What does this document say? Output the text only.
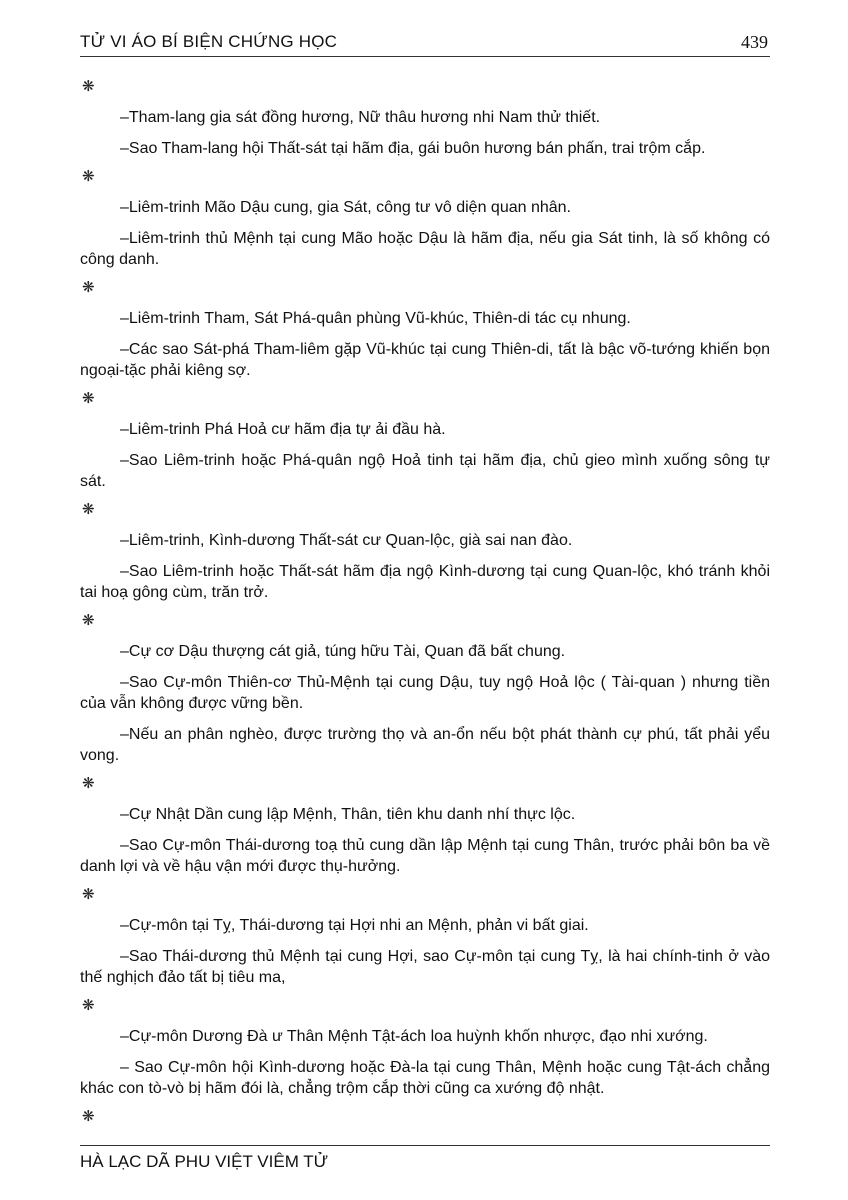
TỬ VI ÁO BÍ BIỆN CHỨNG HỌC	439
❋

–Tham-lang gia sát đồng hương, Nữ thâu hương nhi Nam thử thiết.

–Sao Tham-lang hội Thất-sát tại hãm địa, gái buôn hương bán phấn, trai trộm cắp.

❋

–Liêm-trinh Mão Dậu cung, gia Sát, công tư vô diện quan nhân.

–Liêm-trinh thủ Mệnh tại cung Mão hoặc Dậu là hãm địa, nếu gia Sát tinh, là số không có công danh.

❋

–Liêm-trinh Tham, Sát Phá-quân phùng Vũ-khúc, Thiên-di tác cụ nhung.

–Các sao Sát-phá Tham-liêm gặp Vũ-khúc tại cung Thiên-di, tất là bậc võ-tướng khiến bọn ngoại-tặc phải kiêng sợ.

❋

–Liêm-trinh Phá Hoả cư hãm địa tự ải đầu hà.

–Sao Liêm-trinh hoặc Phá-quân ngộ Hoả tinh tại hãm địa, chủ gieo mình xuống sông tự sát.

❋

–Liêm-trinh, Kình-dương Thất-sát cư Quan-lộc, già sai nan đào.

–Sao Liêm-trinh hoặc Thất-sát hãm địa ngộ Kình-dương tại cung Quan-lộc, khó tránh khỏi tai hoạ gông cùm, trăn trở.

❋

–Cự cơ Dậu thượng cát giả, túng hữu Tài, Quan đã bất chung.

–Sao Cự-môn Thiên-cơ Thủ-Mệnh tại cung Dậu, tuy ngộ Hoả lộc ( Tài-quan ) nhưng tiền của vẫn không được vững bền.

–Nếu an phân nghèo, được trường thọ và an-ổn nếu bột phát thành cự phú, tất phải yểu vong.

❋

–Cự Nhật Dần cung lập Mệnh, Thân, tiên khu danh nhí thực lộc.

–Sao Cự-môn Thái-dương toạ thủ cung dần lập Mệnh tại cung Thân, trước phải bôn ba về danh lợi và về hậu vận mới được thụ-hưởng.

❋

–Cự-môn tại Tỵ, Thái-dương tại Hợi nhi an Mệnh, phản vi bất giai.

–Sao Thái-dương thủ Mệnh tại cung Hợi, sao Cự-môn tại cung Tỵ, là hai chính-tinh ở vào thế nghịch đảo tất bị tiêu ma,

❋

–Cự-môn Dương Đà ư Thân Mệnh Tật-ách loa huỳnh khốn nhược, đạo nhi xướng.

– Sao Cự-môn hội Kình-dương hoặc Đà-la tại cung Thân, Mệnh hoặc cung Tật-ách chẳng khác con tò-vò bị hãm đói là, chẳng trộm cắp thời cũng ca xướng độ nhật.

❋
HÀ LẠC DÃ PHU VIỆT VIÊM TỬ
